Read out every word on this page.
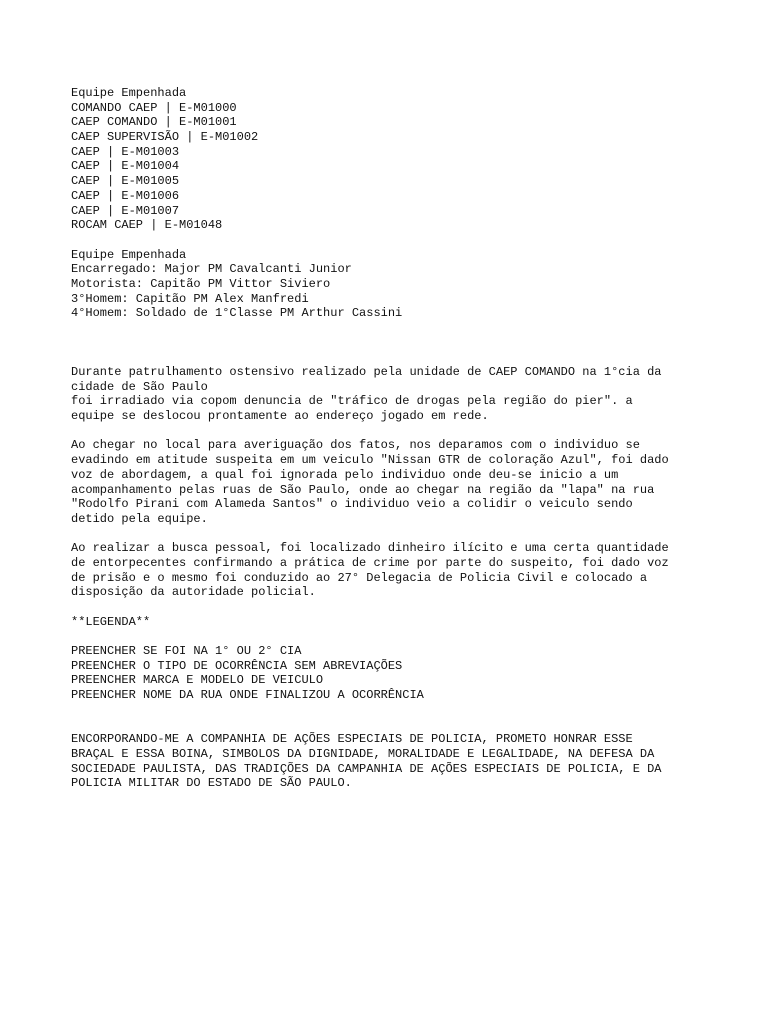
Equipe Empenhada
COMANDO CAEP | E-M01000
CAEP COMANDO | E-M01001
CAEP SUPERVISÃO | E-M01002
CAEP | E-M01003
CAEP | E-M01004
CAEP | E-M01005
CAEP | E-M01006
CAEP | E-M01007
ROCAM CAEP | E-M01048
Equipe Empenhada
Encarregado: Major PM Cavalcanti Junior
Motorista: Capitão PM Vittor Siviero
3°Homem: Capitão PM Alex Manfredi
4°Homem: Soldado de 1°Classe PM Arthur Cassini
Durante patrulhamento ostensivo realizado pela unidade de CAEP COMANDO na 1°cia da
cidade de São Paulo
foi irradiado via copom denuncia de "tráfico de drogas pela região do pier". a
equipe se deslocou prontamente ao endereço jogado em rede.
Ao chegar no local para averiguação dos fatos, nos deparamos com o individuo se
evadindo em atitude suspeita em um veiculo "Nissan GTR de coloração Azul", foi dado
voz de abordagem, a qual foi ignorada pelo individuo onde deu-se inicio a um
acompanhamento pelas ruas de São Paulo, onde ao chegar na região da "lapa" na rua
"Rodolfo Pirani com Alameda Santos" o individuo veio a colidir o veiculo sendo
detido pela equipe.
Ao realizar a busca pessoal, foi localizado dinheiro ilícito e uma certa quantidade
de entorpecentes confirmando a prática de crime por parte do suspeito, foi dado voz
de prisão e o mesmo foi conduzido ao 27° Delegacia de Policia Civil e colocado a
disposição da autoridade policial.
**LEGENDA**
PREENCHER SE FOI NA 1° OU 2° CIA
PREENCHER O TIPO DE OCORRÊNCIA SEM ABREVIAÇÕES
PREENCHER MARCA E MODELO DE VEICULO
PREENCHER NOME DA RUA ONDE FINALIZOU A OCORRÊNCIA
ENCORPORANDO-ME A COMPANHIA DE AÇÕES ESPECIAIS DE POLICIA, PROMETO HONRAR ESSE
BRAÇAL E ESSA BOINA, SIMBOLOS DA DIGNIDADE, MORALIDADE E LEGALIDADE, NA DEFESA DA
SOCIEDADE PAULISTA, DAS TRADIÇÕES DA CAMPANHIA DE AÇÕES ESPECIAIS DE POLICIA, E DA
POLICIA MILITAR DO ESTADO DE SÃO PAULO.
